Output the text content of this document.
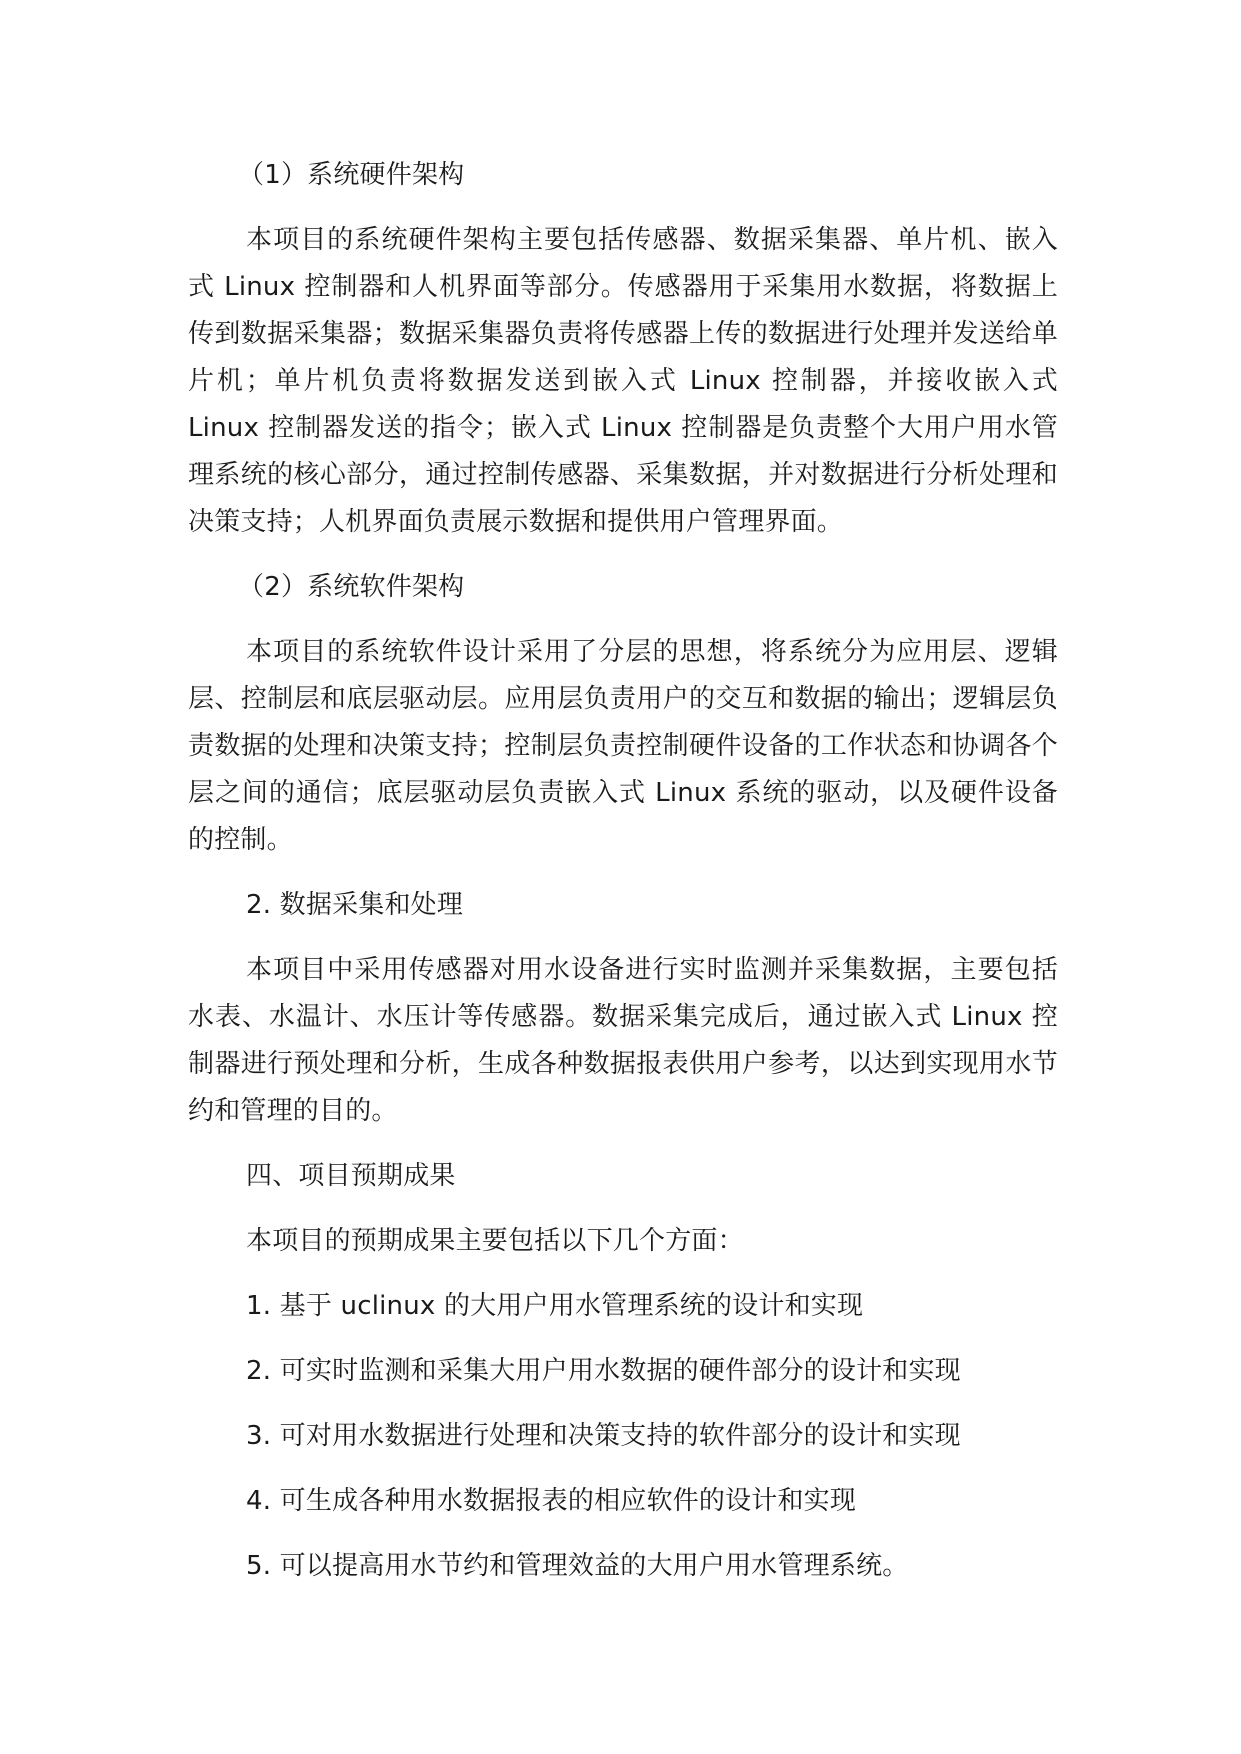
（1）系统硬件架构

本项目的系统硬件架构主要包括传感器、数据采集器、单片机、嵌入式 Linux 控制器和人机界面等部分。传感器用于采集用水数据，将数据上传到数据采集器；数据采集器负责将传感器上传的数据进行处理并发送给单片机；单片机负责将数据发送到嵌入式 Linux 控制器，并接收嵌入式 Linux 控制器发送的指令；嵌入式 Linux 控制器是负责整个大用户用水管理系统的核心部分，通过控制传感器、采集数据，并对数据进行分析处理和决策支持；人机界面负责展示数据和提供用户管理界面。

（2）系统软件架构

本项目的系统软件设计采用了分层的思想，将系统分为应用层、逻辑层、控制层和底层驱动层。应用层负责用户的交互和数据的输出；逻辑层负责数据的处理和决策支持；控制层负责控制硬件设备的工作状态和协调各个层之间的通信；底层驱动层负责嵌入式 Linux 系统的驱动，以及硬件设备的控制。

2. 数据采集和处理

本项目中采用传感器对用水设备进行实时监测并采集数据，主要包括水表、水温计、水压计等传感器。数据采集完成后，通过嵌入式 Linux 控制器进行预处理和分析，生成各种数据报表供用户参考，以达到实现用水节约和管理的目的。

四、项目预期成果

本项目的预期成果主要包括以下几个方面：

1. 基于 uclinux 的大用户用水管理系统的设计和实现

2. 可实时监测和采集大用户用水数据的硬件部分的设计和实现

3. 可对用水数据进行处理和决策支持的软件部分的设计和实现

4. 可生成各种用水数据报表的相应软件的设计和实现

5. 可以提高用水节约和管理效益的大用户用水管理系统。
